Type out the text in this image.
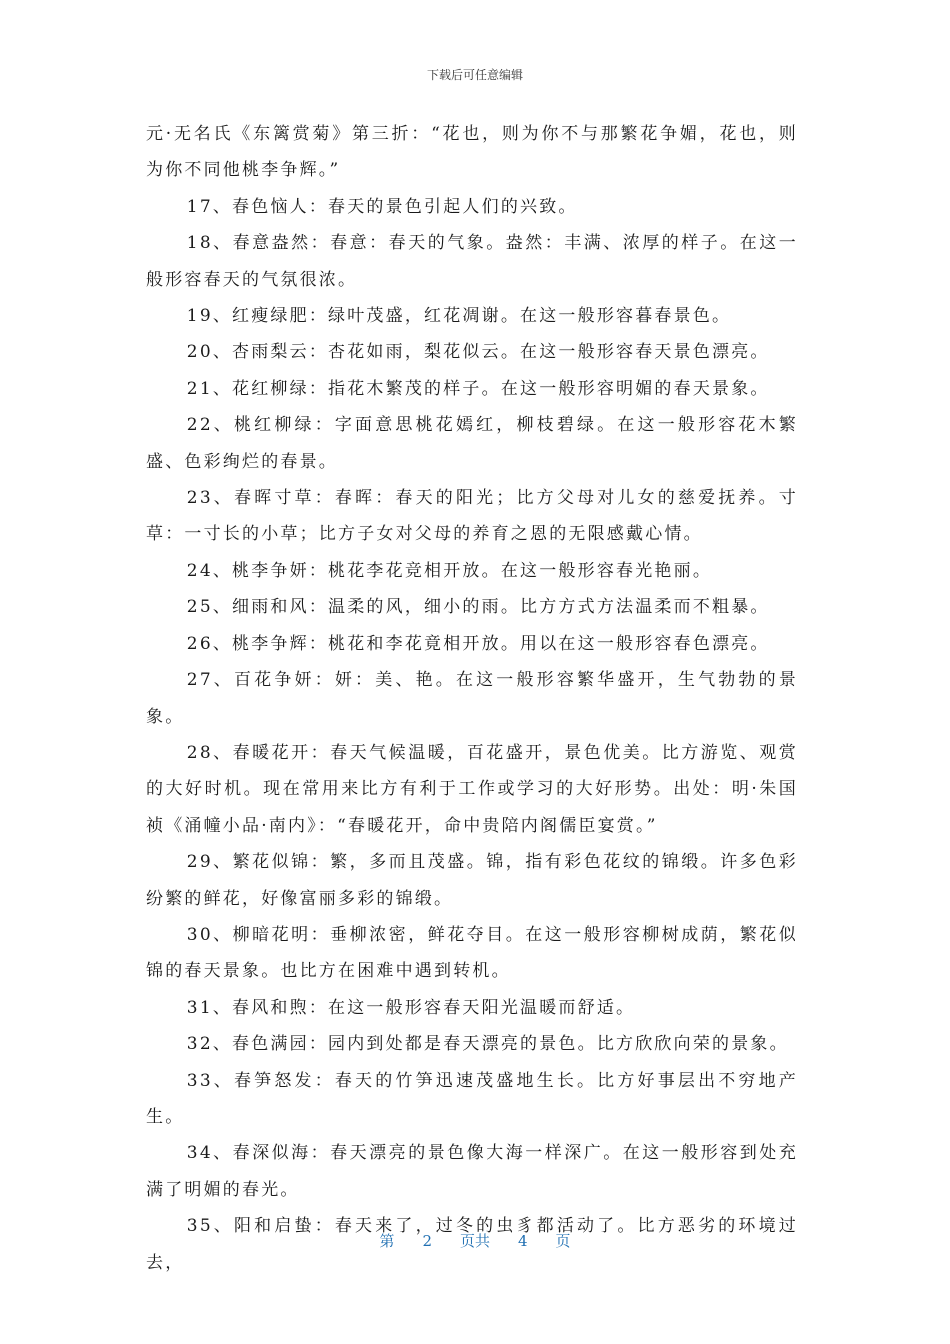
下载后可任意编辑

元·无名氏《东篱赏菊》第三折：“花也，则为你不与那繁花争媚，花也，则为你不同他桃李争辉。”

17、春色恼人：春天的景色引起人们的兴致。

18、春意盎然：春意：春天的气象。盎然：丰满、浓厚的样子。在这一般形容春天的气氛很浓。

19、红瘦绿肥：绿叶茂盛，红花凋谢。在这一般形容暮春景色。

20、杏雨梨云：杏花如雨，梨花似云。在这一般形容春天景色漂亮。

21、花红柳绿：指花木繁茂的样子。在这一般形容明媚的春天景象。

22、桃红柳绿：字面意思桃花嫣红，柳枝碧绿。在这一般形容花木繁盛、色彩绚烂的春景。

23、春晖寸草：春晖：春天的阳光；比方父母对儿女的慈爱抚养。寸草：一寸长的小草；比方子女对父母的养育之恩的无限感戴心情。

24、桃李争妍：桃花李花竞相开放。在这一般形容春光艳丽。

25、细雨和风：温柔的风，细小的雨。比方方式方法温柔而不粗暴。

26、桃李争辉：桃花和李花竟相开放。用以在这一般形容春色漂亮。

27、百花争妍：妍：美、艳。在这一般形容繁华盛开，生气勃勃的景象。

28、春暖花开：春天气候温暖，百花盛开，景色优美。比方游览、观赏的大好时机。现在常用来比方有利于工作或学习的大好形势。出处：明·朱国祯《涌幢小品·南内》：“春暖花开，命中贵陪内阁儒臣宴赏。”

29、繁花似锦：繁，多而且茂盛。锦，指有彩色花纹的锦缎。许多色彩纷繁的鲜花，好像富丽多彩的锦缎。

30、柳暗花明：垂柳浓密，鲜花夺目。在这一般形容柳树成荫，繁花似锦的春天景象。也比方在困难中遇到转机。

31、春风和煦：在这一般形容春天阳光温暖而舒适。

32、春色满园：园内到处都是春天漂亮的景色。比方欣欣向荣的景象。

33、春笋怒发：春天的竹笋迅速茂盛地生长。比方好事层出不穷地产生。

34、春深似海：春天漂亮的景色像大海一样深广。在这一般形容到处充满了明媚的春光。

35、阳和启蛰：春天来了，过冬的虫豸都活动了。比方恶劣的环境过去，

第 2 页共 4 页
